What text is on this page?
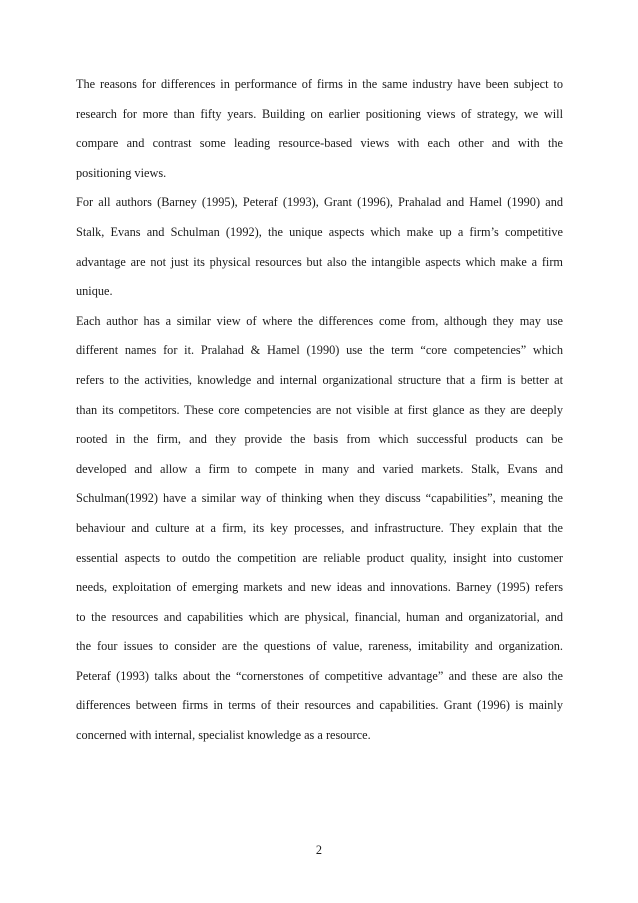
The reasons for differences in performance of firms in the same industry have been subject to
research for more than fifty years. Building on earlier positioning views of strategy, we will
compare and contrast some leading resource-based views with each other and with the
positioning views.
For all authors (Barney (1995), Peteraf (1993), Grant (1996), Prahalad and Hamel (1990) and
Stalk, Evans and Schulman (1992), the unique aspects which make up a firm’s competitive
advantage are not just its physical resources but also the intangible aspects which make a firm
unique.
Each author has a similar view of where the differences come from, although they may use
different names for it. Pralahad & Hamel (1990) use the term “core competencies” which
refers to the activities, knowledge and internal organizational structure that a firm is better at
than its competitors. These core competencies are not visible at first glance as they are deeply
rooted in the firm, and they provide the basis from which successful products can be
developed and allow a firm to compete in many and varied markets. Stalk, Evans and
Schulman(1992) have a similar way of thinking when they discuss “capabilities”, meaning the
behaviour and culture at a firm, its key processes, and infrastructure. They explain that the
essential aspects to outdo the competition are reliable product quality, insight into customer
needs, exploitation of emerging markets and new ideas and innovations. Barney (1995) refers
to the resources and capabilities which are physical, financial, human and organizatorial, and
the four issues to consider are the questions of value, rareness, imitability and organization.
Peteraf (1993) talks about the “cornerstones of competitive advantage” and these are also the
differences between firms in terms of their resources and capabilities. Grant (1996) is mainly
concerned with internal, specialist knowledge as a resource.
2
